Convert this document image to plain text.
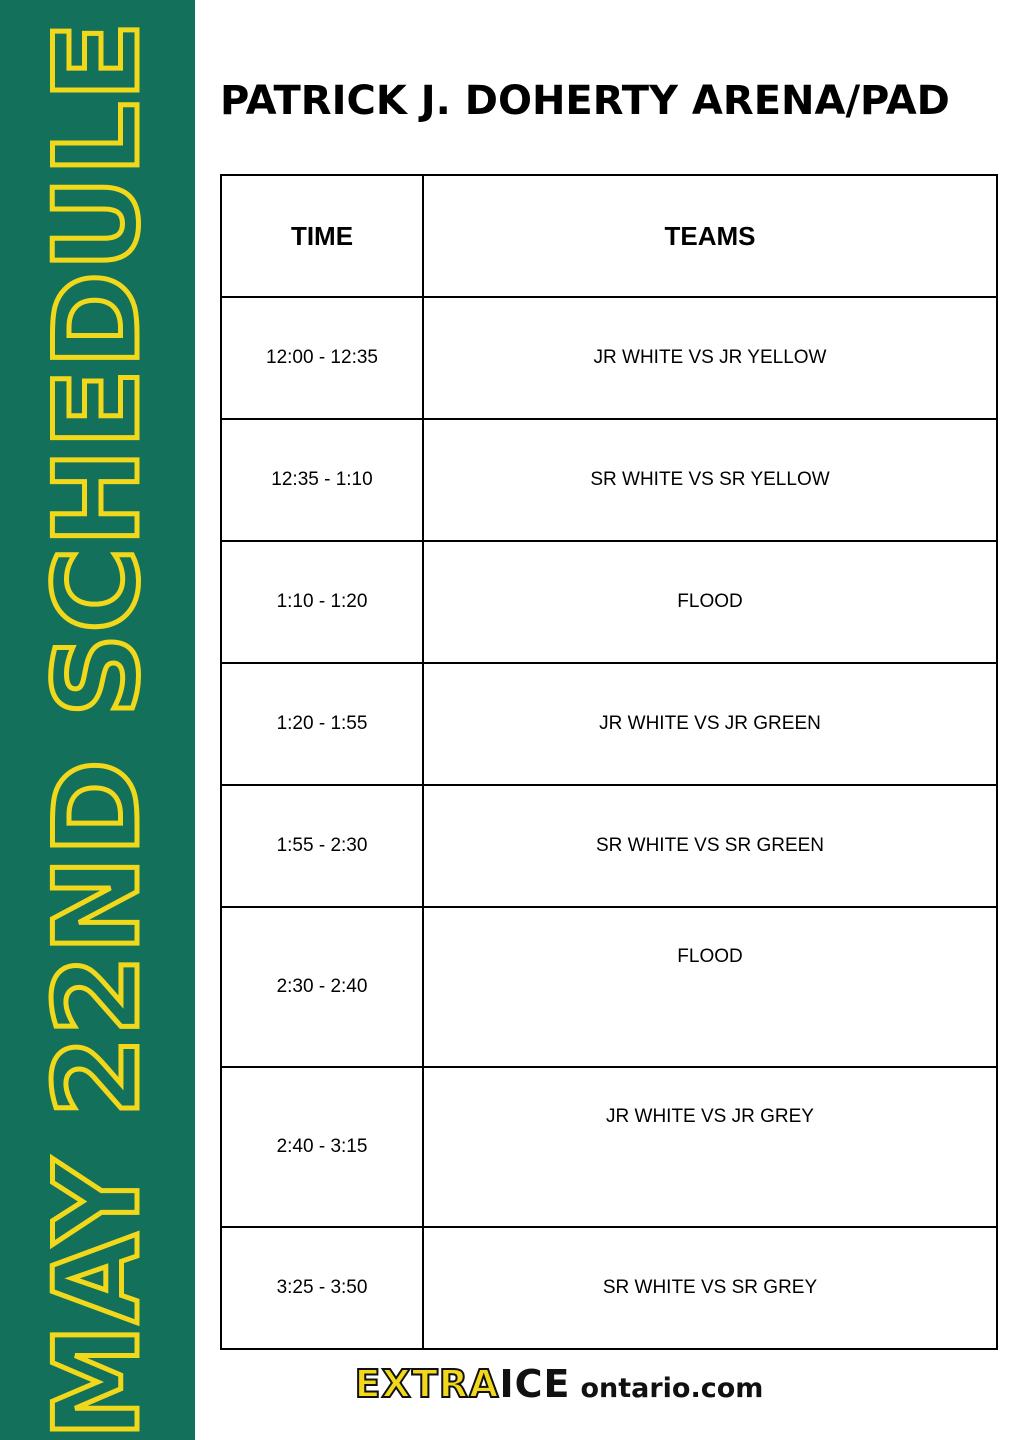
MAY 22ND SCHEDULE PATRICK J. DOHERTY ARENA/PAD
TIME	TEAMS
12:00 - 12:35	JR WHITE VS JR YELLOW
12:35 - 1:10	SR WHITE VS SR YELLOW
1:10 - 1:20	FLOOD
1:20 - 1:55	JR WHITE VS JR GREEN
1:55 - 2:30	SR WHITE VS SR GREEN
2:30 - 2:40	FLOOD
2:40 - 3:15	JR WHITE VS JR GREY
3:25 - 3:50	SR WHITE VS SR GREY
EXTRAICE ontario.com
